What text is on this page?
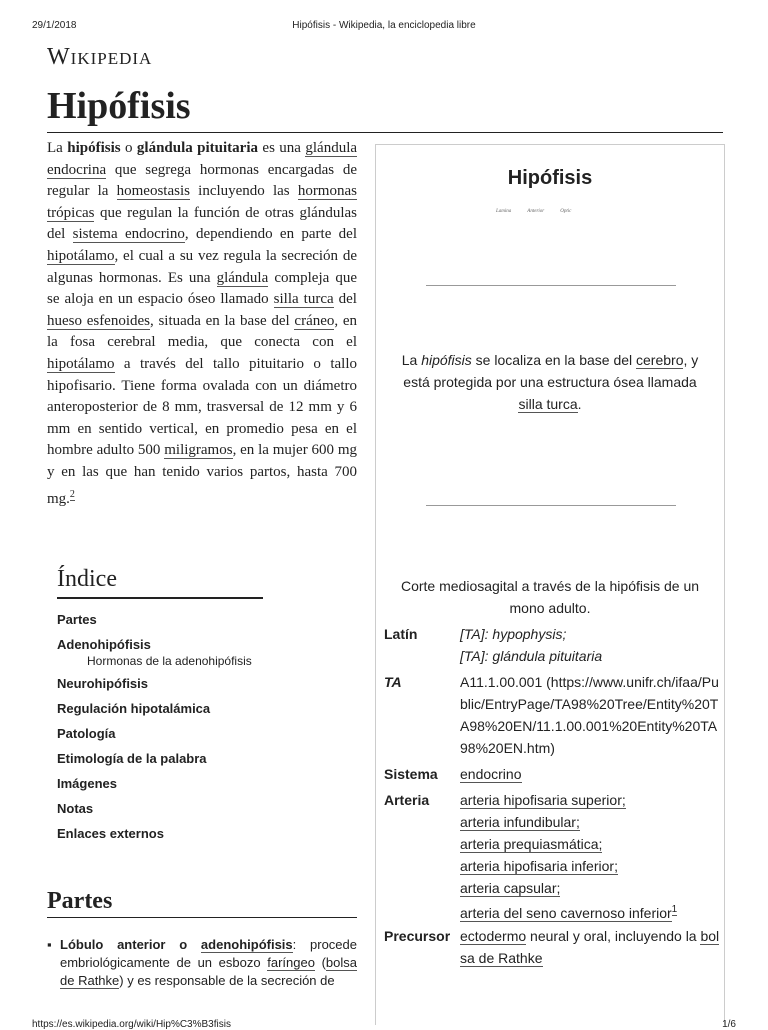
29/1/2018	Hipófisis - Wikipedia, la enciclopedia libre
Wikipedia
Hipófisis
La hipófisis o glándula pituitaria es una glándula endocrina que segrega hormonas encargadas de regular la homeostasis incluyendo las hormonas trópicas que regulan la función de otras glándulas del sistema endocrino, dependiendo en parte del hipotálamo, el cual a su vez regula la secreción de algunas hormonas. Es una glándula compleja que se aloja en un espacio óseo llamado silla turca del hueso esfenoides, situada en la base del cráneo, en la fosa cerebral media, que conecta con el hipotálamo a través del tallo pituitario o tallo hipofisario. Tiene forma ovalada con un diámetro anteroposterior de 8 mm, trasversal de 12 mm y 6 mm en sentido vertical, en promedio pesa en el hombre adulto 500 miligramos, en la mujer 600 mg y en las que han tenido varios partos, hasta 700 mg.$^2$
Hipófisis
Lamina	Anterior	Optic
La hipófisis se localiza en la base del cerebro, y está protegida por una estructura ósea llamada silla turca.
Corte mediosagital a través de la hipófisis de un mono adulto.
Latín	[TA]: hypophysis;
[TA]: glándula pituitaria
TA	A11.1.00.001 (https://www.unifr.ch/ifaa/Public/EntryPage/TA98%20Tree/Entity%20TA98%20EN/11.1.00.001%20Entity%20TA98%20EN.htm)
Sistema	endocrino
Arteria	arteria hipofisaria superior;
arteria infundibular;
arteria prequiasmática;
arteria hipofisaria inferior;
arteria capsular;
arteria del seno cavernoso inferior$^1$
Precursor ectodermo neural y oral, incluyendo la bolsa de Rathke
Índice
Partes
Adenohipófisis
Hormonas de la adenohipófisis
Neurohipófisis
Regulación hipotalámica
Patología
Etimología de la palabra
Imágenes
Notas
Enlaces externos
Partes
▪ Lóbulo anterior o adenohipófisis: procede embriológicamente de un esbozo faríngeo (bolsa de Rathke) y es responsable de la secreción de
https://es.wikipedia.org/wiki/Hip%C3%B3fisis	1/6
